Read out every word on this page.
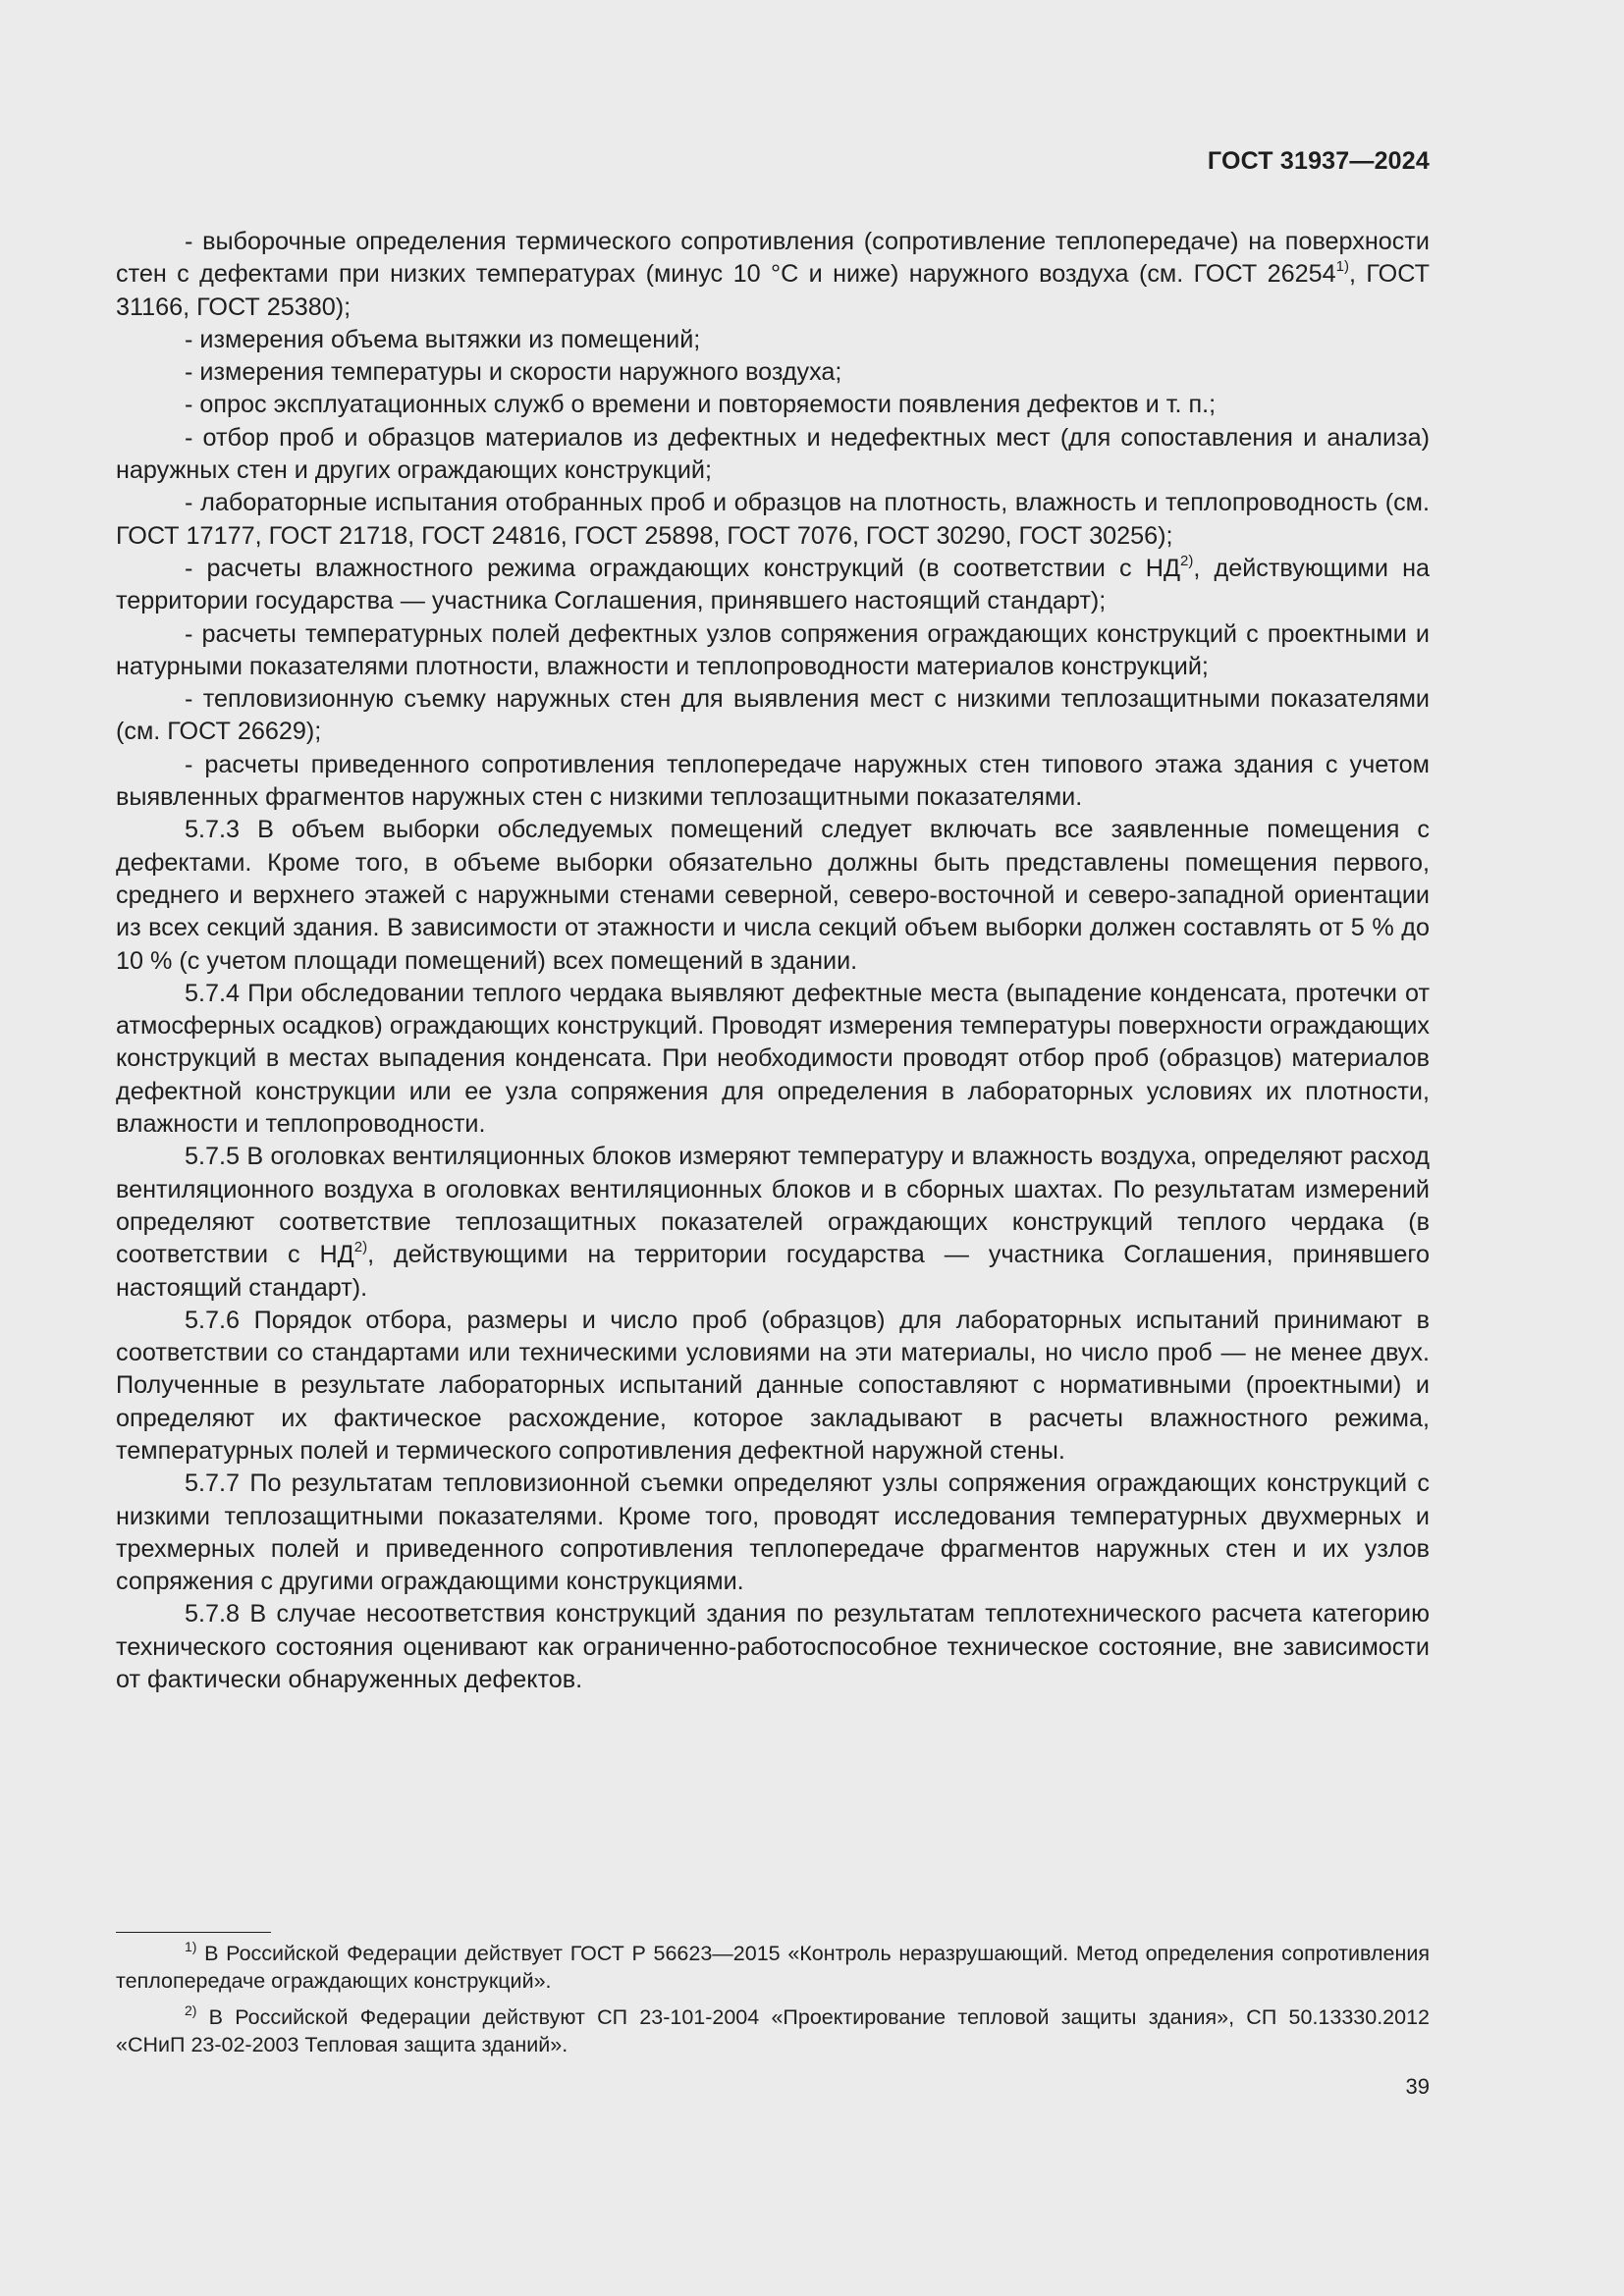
ГОСТ 31937—2024

- выборочные определения термического сопротивления (сопротивление теплопередаче) на поверхности стен с дефектами при низких температурах (минус 10 °С и ниже) наружного воздуха (см. ГОСТ 26254$^{1)}$, ГОСТ 31166, ГОСТ 25380);

- измерения объема вытяжки из помещений;

- измерения температуры и скорости наружного воздуха;

- опрос эксплуатационных служб о времени и повторяемости появления дефектов и т. п.;

- отбор проб и образцов материалов из дефектных и недефектных мест (для сопоставления и анализа) наружных стен и других ограждающих конструкций;

- лабораторные испытания отобранных проб и образцов на плотность, влажность и теплопроводность (см. ГОСТ 17177, ГОСТ 21718, ГОСТ 24816, ГОСТ 25898, ГОСТ 7076, ГОСТ 30290, ГОСТ 30256);

- расчеты влажностного режима ограждающих конструкций (в соответствии с НД$^{2)}$, действующими на территории государства — участника Соглашения, принявшего настоящий стандарт);

- расчеты температурных полей дефектных узлов сопряжения ограждающих конструкций с проектными и натурными показателями плотности, влажности и теплопроводности материалов конструкций;

- тепловизионную съемку наружных стен для выявления мест с низкими теплозащитными показателями (см. ГОСТ 26629);

- расчеты приведенного сопротивления теплопередаче наружных стен типового этажа здания с учетом выявленных фрагментов наружных стен с низкими теплозащитными показателями.

5.7.3 В объем выборки обследуемых помещений следует включать все заявленные помещения с дефектами. Кроме того, в объеме выборки обязательно должны быть представлены помещения первого, среднего и верхнего этажей с наружными стенами северной, северо-восточной и северо-западной ориентации из всех секций здания. В зависимости от этажности и числа секций объем выборки должен составлять от 5 % до 10 % (с учетом площади помещений) всех помещений в здании.

5.7.4 При обследовании теплого чердака выявляют дефектные места (выпадение конденсата, протечки от атмосферных осадков) ограждающих конструкций. Проводят измерения температуры поверхности ограждающих конструкций в местах выпадения конденсата. При необходимости проводят отбор проб (образцов) материалов дефектной конструкции или ее узла сопряжения для определения в лабораторных условиях их плотности, влажности и теплопроводности.

5.7.5 В оголовках вентиляционных блоков измеряют температуру и влажность воздуха, определяют расход вентиляционного воздуха в оголовках вентиляционных блоков и в сборных шахтах. По результатам измерений определяют соответствие теплозащитных показателей ограждающих конструкций теплого чердака (в соответствии с НД$^{2)}$, действующими на территории государства — участника Соглашения, принявшего настоящий стандарт).

5.7.6 Порядок отбора, размеры и число проб (образцов) для лабораторных испытаний принимают в соответствии со стандартами или техническими условиями на эти материалы, но число проб — не менее двух. Полученные в результате лабораторных испытаний данные сопоставляют с нормативными (проектными) и определяют их фактическое расхождение, которое закладывают в расчеты влажностного режима, температурных полей и термического сопротивления дефектной наружной стены.

5.7.7 По результатам тепловизионной съемки определяют узлы сопряжения ограждающих конструкций с низкими теплозащитными показателями. Кроме того, проводят исследования температурных двухмерных и трехмерных полей и приведенного сопротивления теплопередаче фрагментов наружных стен и их узлов сопряжения с другими ограждающими конструкциями.

5.7.8 В случае несоответствия конструкций здания по результатам теплотехнического расчета категорию технического состояния оценивают как ограниченно-работоспособное техническое состояние, вне зависимости от фактически обнаруженных дефектов.

$^{1)}$ В Российской Федерации действует ГОСТ Р 56623—2015 «Контроль неразрушающий. Метод определения сопротивления теплопередаче ограждающих конструкций».

$^{2)}$ В Российской Федерации действуют СП 23-101-2004 «Проектирование тепловой защиты здания», СП 50.13330.2012 «СНиП 23-02-2003 Тепловая защита зданий».

39
